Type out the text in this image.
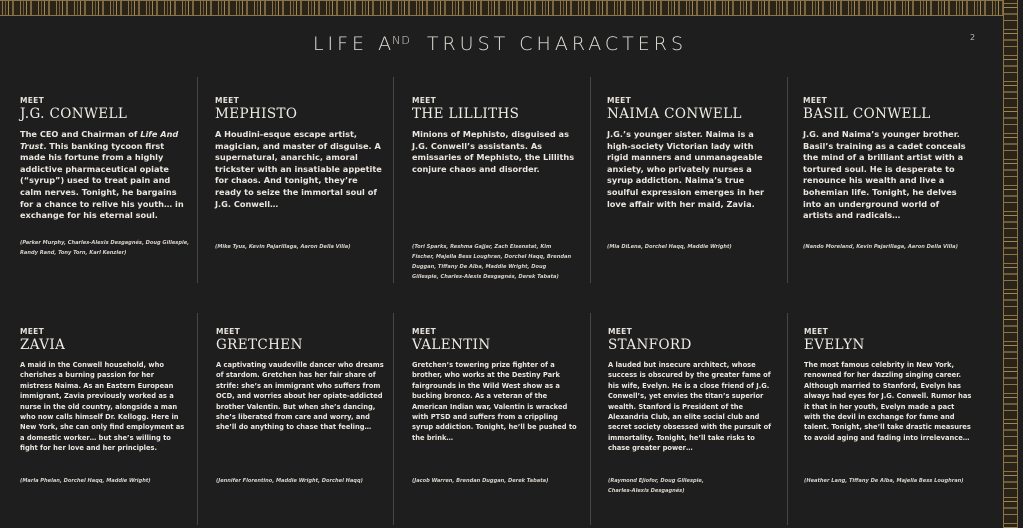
LIFE $A^{ND}$ TRUST CHARACTERS	2
MEET
J.G. CONWELL
The CEO and Chairman of Life And Trust. This banking tycoon first made his fortune from a highly addictive pharmaceutical opiate (“syrup”) used to treat pain and calm nerves. Tonight, he bargains for a chance to relive his youth… in exchange for his eternal soul.
(Parker Murphy, Charles-Alexis Desgagnés, Doug Gillespie, Randy Rand, Tony Torn, Karl Kenzler)
MEET
MEPHISTO
A Houdini-esque escape artist, magician, and master of disguise. A supernatural, anarchic, amoral trickster with an insatiable appetite for chaos. And tonight, they’re ready to seize the immortal soul of J.G. Conwell…
(Mike Tyus, Kevin Pajarillaga, Aaron Della Villa)
MEET
THE LILLITHS
Minions of Mephisto, disguised as J.G. Conwell’s assistants. As emissaries of Mephisto, the Lilliths conjure chaos and disorder.
(Tori Sparks, Reshma Gajjar, Zach Eisenstat, Kim Fischer, Majella Bess Loughran, Dorchel Haqq, Brendan Duggan, Tiffany De Alba, Maddie Wright, Doug Gillespie, Charles-Alexis Desgagnés, Derek Tabata)
MEET
NAIMA CONWELL
J.G.’s younger sister. Naima is a high-society Victorian lady with rigid manners and unmanageable anxiety, who privately nurses a syrup addiction. Naima’s true soulful expression emerges in her love affair with her maid, Zavia.
(Mia DiLena, Dorchel Haqq, Maddie Wright)
MEET
BASIL CONWELL
J.G. and Naima’s younger brother. Basil’s training as a cadet conceals the mind of a brilliant artist with a tortured soul. He is desperate to renounce his wealth and live a bohemian life. Tonight, he delves into an underground world of artists and radicals…
(Nando Moreland, Kevin Pajarillaga, Aaron Della Villa)
MEET
ZAVIA
A maid in the Conwell household, who cherishes a burning passion for her mistress Naima. As an Eastern European immigrant, Zavia previously worked as a nurse in the old country, alongside a man who now calls himself Dr. Kellogg. Here in New York, she can only find employment as a domestic worker… but she’s willing to fight for her love and her principles.
(Marla Phelan, Dorchel Haqq, Maddie Wright)
MEET
GRETCHEN
A captivating vaudeville dancer who dreams of stardom. Gretchen has her fair share of strife: she’s an immigrant who suffers from OCD, and worries about her opiate-addicted brother Valentin. But when she’s dancing, she’s liberated from care and worry, and she’ll do anything to chase that feeling…
(Jennifer Florentino, Maddie Wright, Dorchel Haqq)
MEET
VALENTIN
Gretchen’s towering prize fighter of a brother, who works at the Destiny Park fairgrounds in the Wild West show as a bucking bronco. As a veteran of the American Indian war, Valentin is wracked with PTSD and suffers from a crippling syrup addiction. Tonight, he’ll be pushed to the brink…
(Jacob Warren, Brendan Duggan, Derek Tabata)
MEET
STANFORD
A lauded but insecure architect, whose success is obscured by the greater fame of his wife, Evelyn. He is a close friend of J.G. Conwell’s, yet envies the titan’s superior wealth. Stanford is President of the Alexandria Club, an elite social club and secret society obsessed with the pursuit of immortality. Tonight, he’ll take risks to chase greater power…
(Raymond Ejiofor, Doug Gillespie, Charles-Alexis Desgagnés)
MEET
EVELYN
The most famous celebrity in New York, renowned for her dazzling singing career. Although married to Stanford, Evelyn has always had eyes for J.G. Conwell. Rumor has it that in her youth, Evelyn made a pact with the devil in exchange for fame and talent. Tonight, she’ll take drastic measures to avoid aging and fading into irrelevance…
(Heather Lang, Tiffany De Alba, Majella Bess Loughran)
